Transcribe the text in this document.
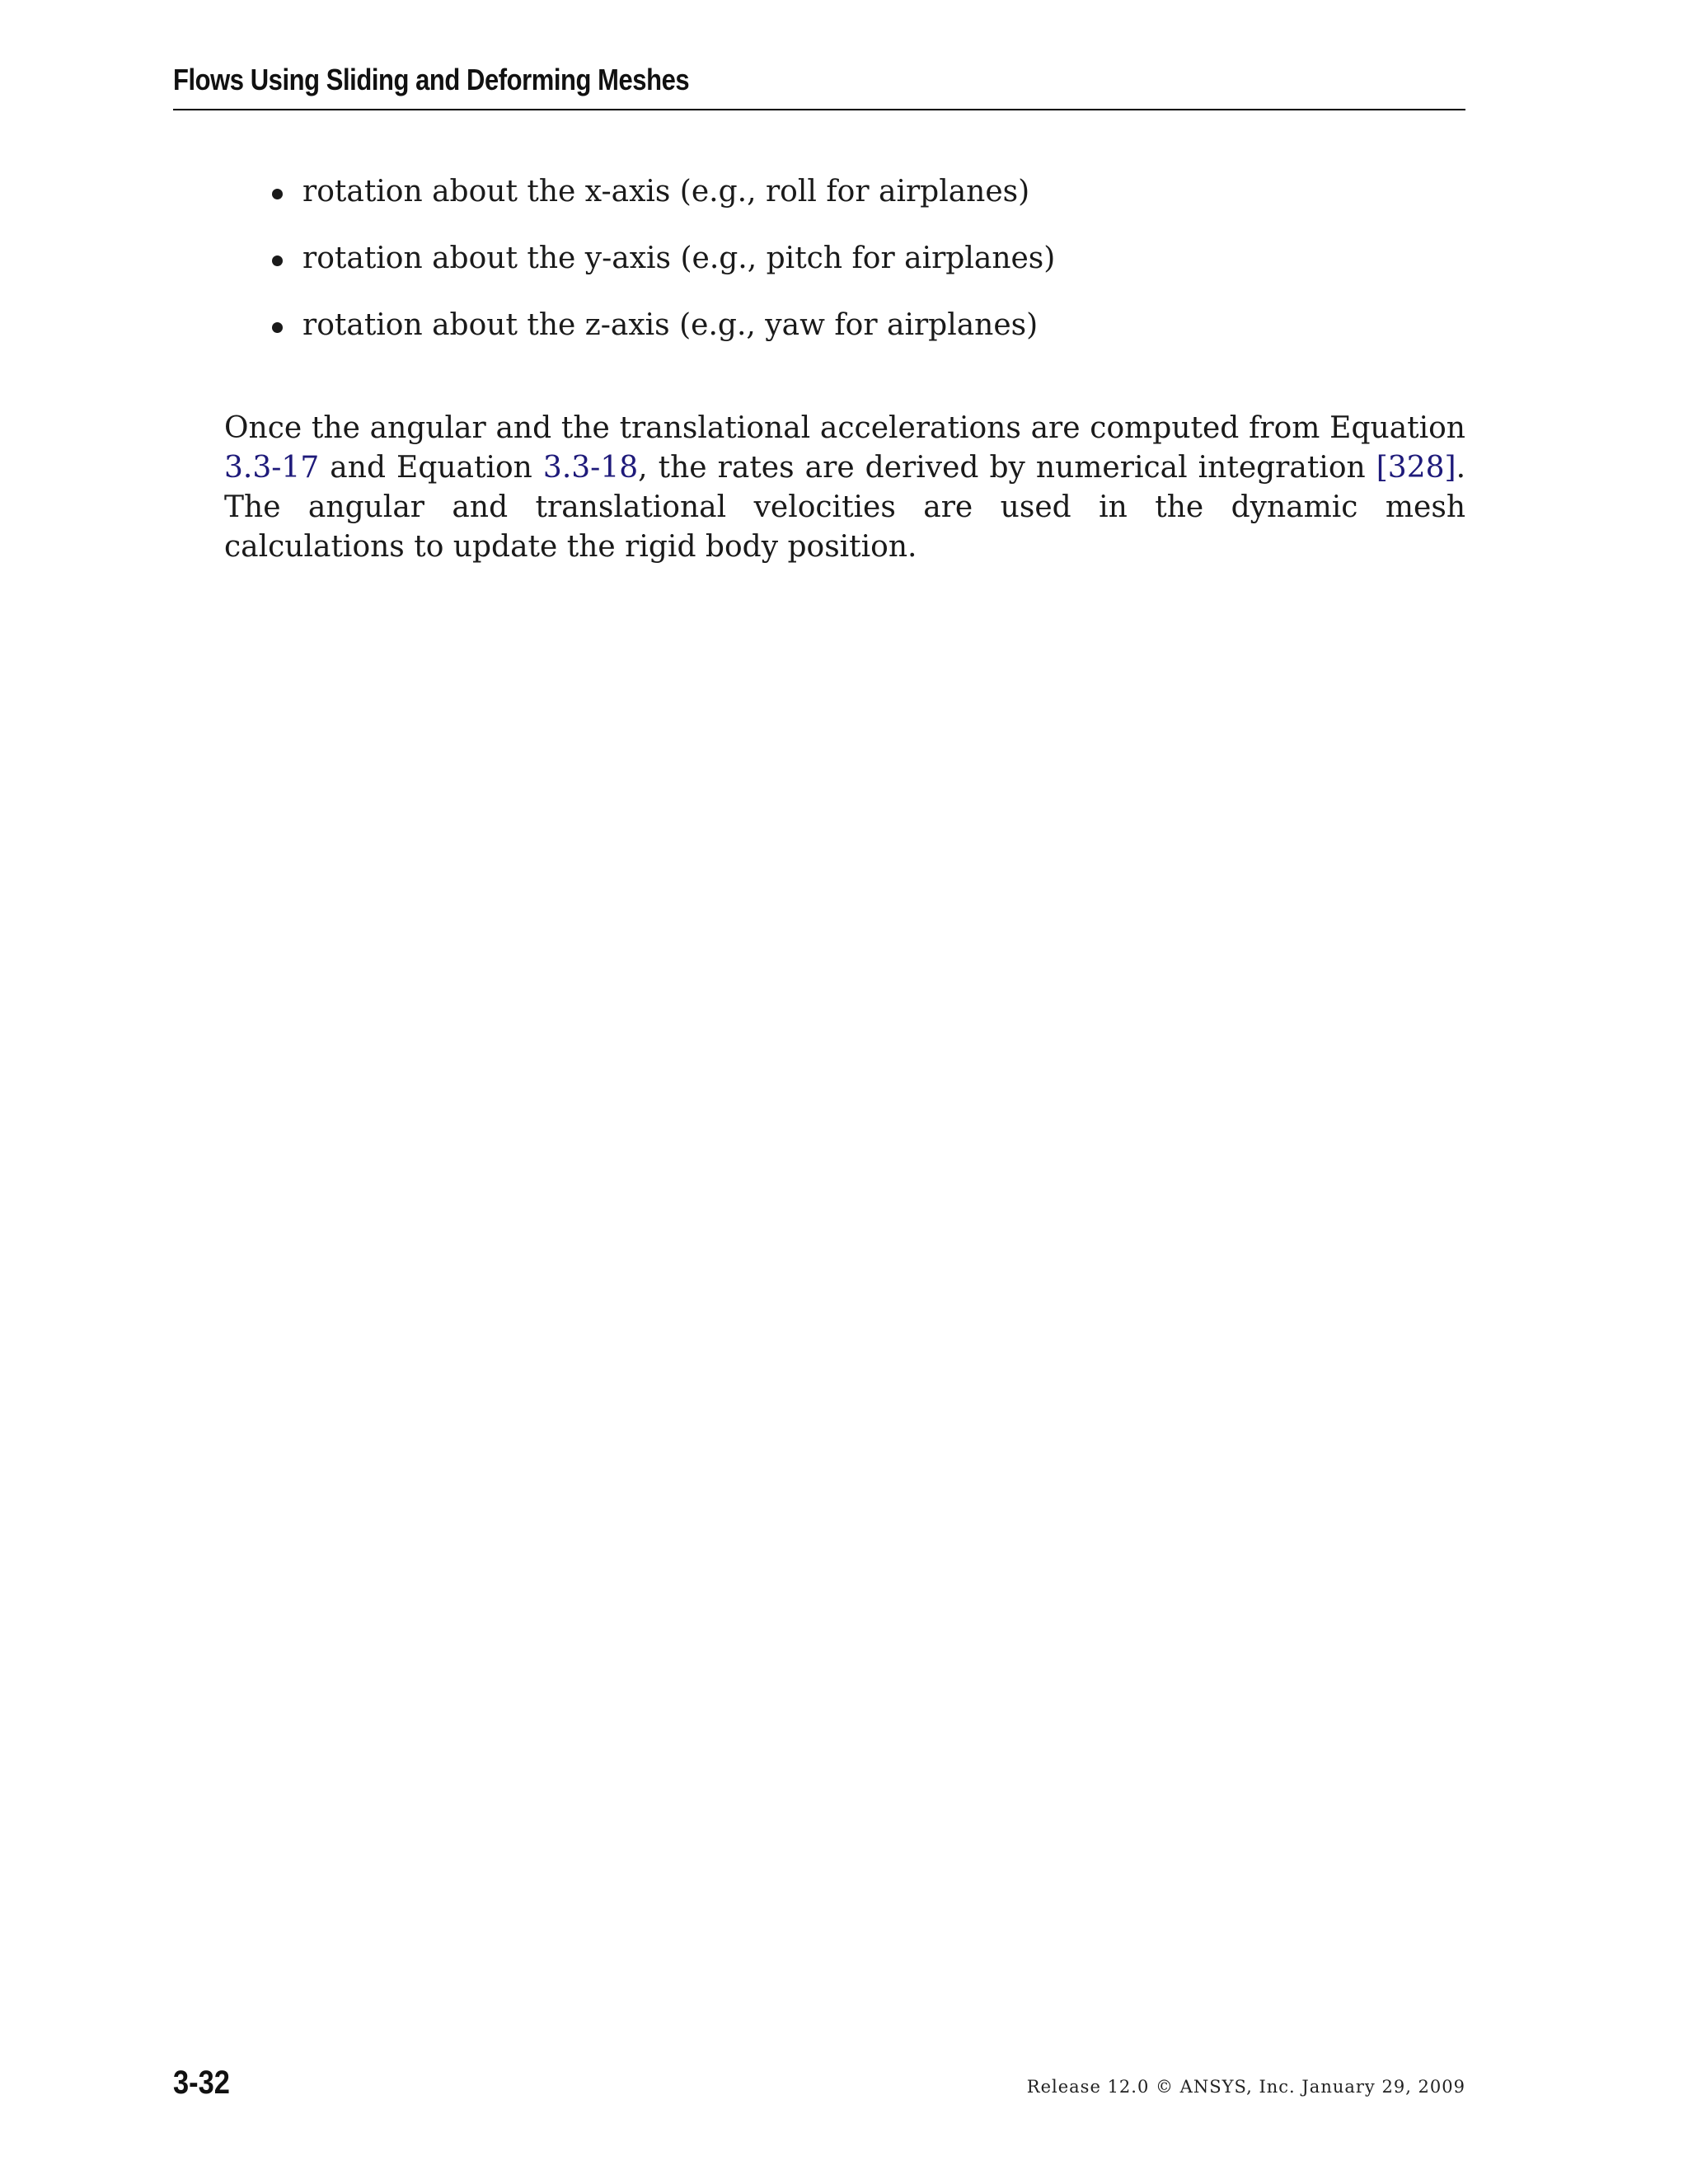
Flows Using Sliding and Deforming Meshes
rotation about the x-axis (e.g., roll for airplanes)
rotation about the y-axis (e.g., pitch for airplanes)
rotation about the z-axis (e.g., yaw for airplanes)

Once the angular and the translational accelerations are computed from Equation 3.3-17 and Equation 3.3-18, the rates are derived by numerical integration [328]. The angular and translational velocities are used in the dynamic mesh calculations to update the rigid body position.

3-32	Release 12.0 © ANSYS, Inc. January 29, 2009
